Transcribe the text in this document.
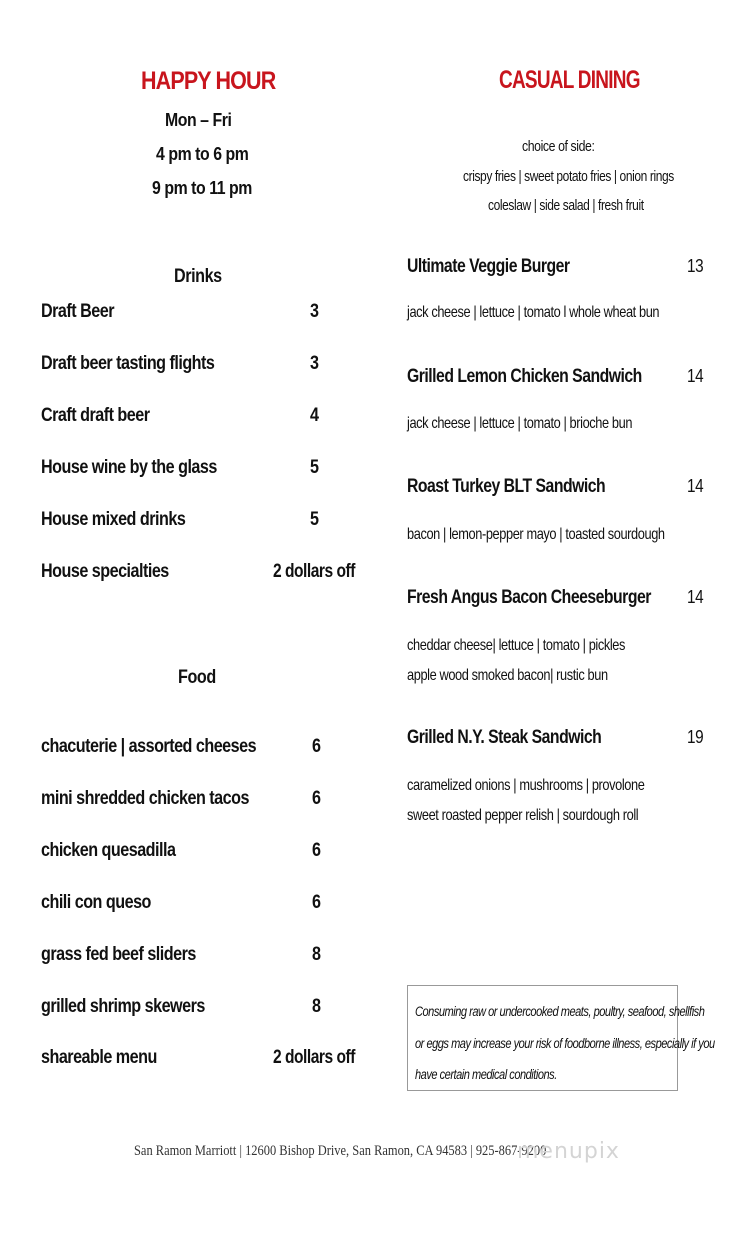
HAPPY HOUR
Mon – Fri
4 pm to 6 pm
9 pm to 11 pm
Drinks
Draft Beer	3
Draft beer tasting flights	3
Craft draft beer	4
House wine by the glass	5
House mixed drinks	5
House specialties	2 dollars off
Food
chacuterie | assorted cheeses	6
mini shredded chicken tacos	6
chicken quesadilla	6
chili con queso	6
grass fed beef sliders	8
grilled shrimp skewers	8
shareable menu	2 dollars off
CASUAL DINING
choice of side:
crispy fries | sweet potato fries | onion rings
coleslaw | side salad | fresh fruit
Ultimate Veggie Burger	13
jack cheese | lettuce | tomato l whole wheat bun
Grilled Lemon Chicken Sandwich	14
jack cheese | lettuce | tomato | brioche bun
Roast Turkey BLT Sandwich	14
bacon | lemon-pepper mayo | toasted sourdough
Fresh Angus Bacon Cheeseburger	14
cheddar cheese| lettuce | tomato | pickles
apple wood smoked bacon| rustic bun
Grilled N.Y. Steak Sandwich	19
caramelized onions | mushrooms | provolone
sweet roasted pepper relish | sourdough roll
Consuming raw or undercooked meats, poultry, seafood, shellfish
or eggs may increase your risk of foodborne illness, especially if you
have certain medical conditions.
San Ramon Marriott | 12600 Bishop Drive, San Ramon, CA 94583 | 925-867-9200
menupix
